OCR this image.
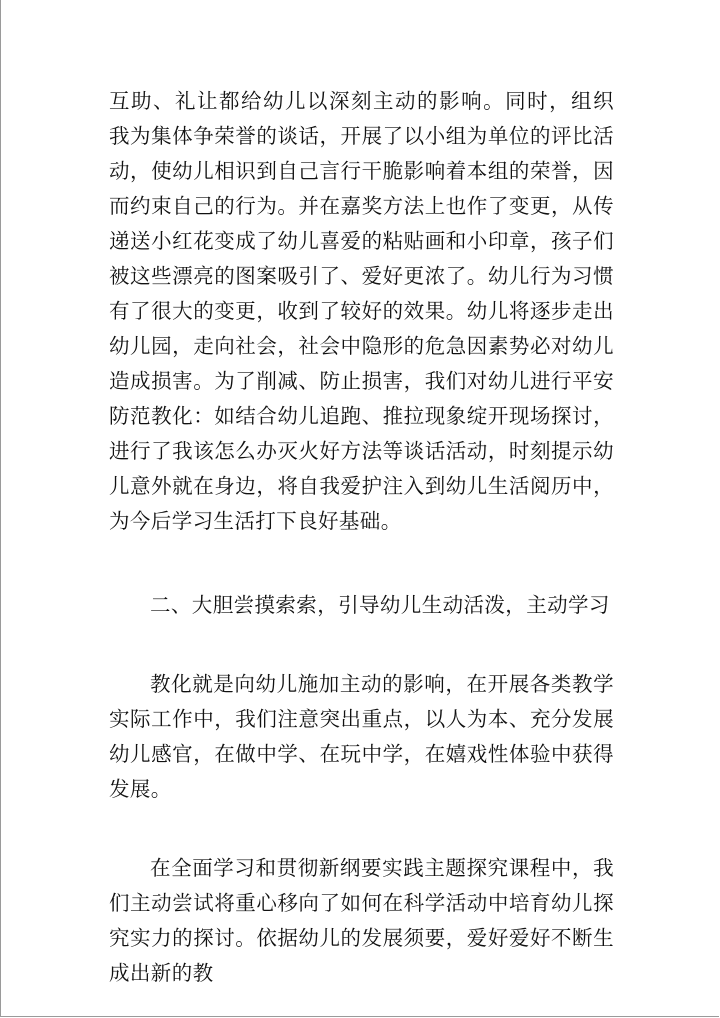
互助、礼让都给幼儿以深刻主动的影响。同时，组织 我为集体争荣誉的谈话，开展了以小组为单位的评比活动，使幼儿相识到自己言行干脆影响着本组的荣誉，因而约束自己的行为。并在嘉奖方法上也作了变更，从传递送小红花变成了幼儿喜爱的粘贴画和小印章，孩子们被这些漂亮的图案吸引了、爱好更浓了。幼儿行为习惯有了很大的变更，收到了较好的效果。幼儿将逐步走出幼儿园，走向社会，社会中隐形的危急因素势必对幼儿造成损害。为了削减、防止损害，我们对幼儿进行平安防范教化：如结合幼儿追跑、推拉现象绽开现场探讨，进行了我该怎么办灭火好方法等谈话活动，时刻提示幼儿意外就在身边，将自我爱护注入到幼儿生活阅历中，为今后学习生活打下良好基础。

二、大胆尝摸索索，引导幼儿生动活泼，主动学习

教化就是向幼儿施加主动的影响，在开展各类教学实际工作中，我们注意突出重点，以人为本、充分发展幼儿感官，在做中学、在玩中学，在嬉戏性体验中获得发展。

在全面学习和贯彻新纲要实践主题探究课程中，我们主动尝试将重心移向了如何在科学活动中培育幼儿探究实力的探讨。依据幼儿的发展须要，爱好爱好不断生成出新的教
